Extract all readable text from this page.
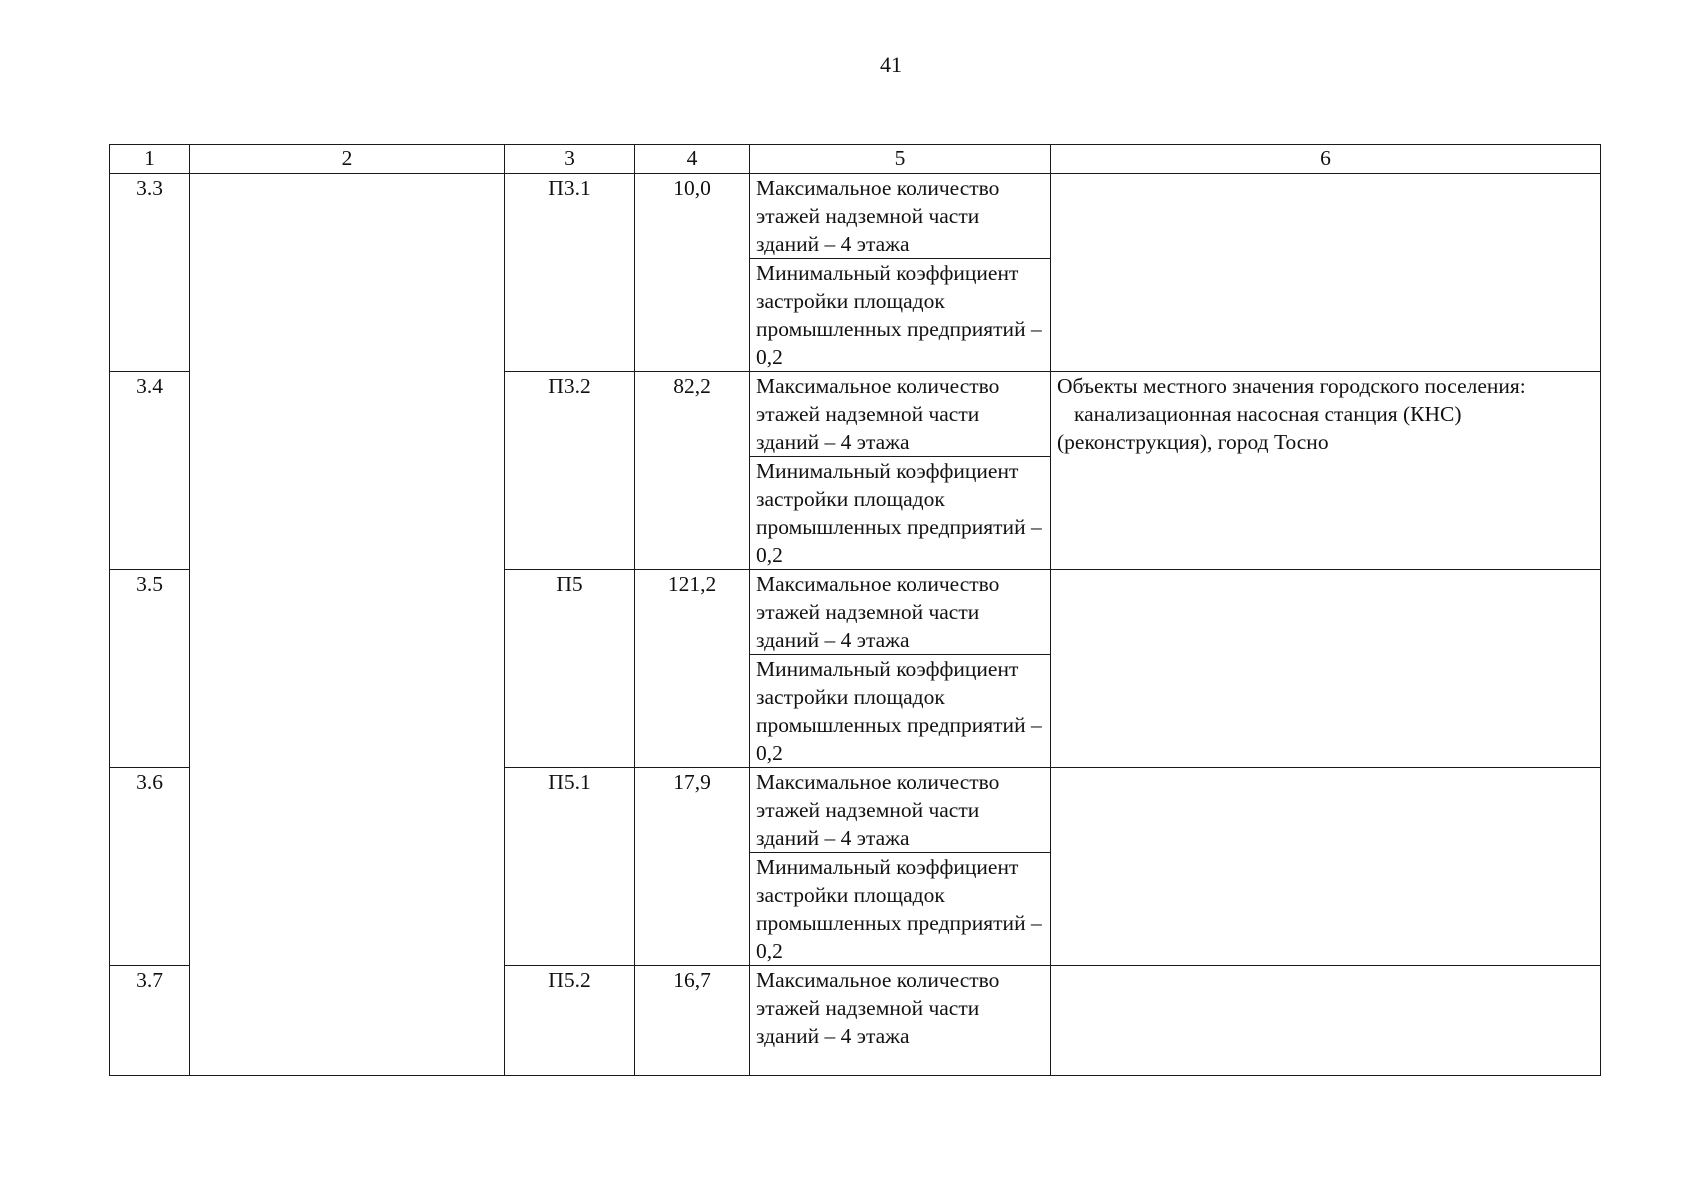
41
1	2	3	4	5	6
3.3		П3.1	10,0	Максимальное количество этажей надземной части зданий – 4 этажа	
				Минимальный коэффициент застройки площадок промышленных предприятий – 0,2	
3.4		П3.2	82,2	Максимальное количество этажей надземной части зданий – 4 этажа	Объекты местного значения городского поселения:
канализационная насосная станция (КНС)
(реконструкция), город Тосно

				Минимальный коэффициент застройки площадок промышленных предприятий – 0,2	
3.5		П5	121,2	Максимальное количество этажей надземной части зданий – 4 этажа	
				Минимальный коэффициент застройки площадок промышленных предприятий – 0,2	
3.6		П5.1	17,9	Максимальное количество этажей надземной части зданий – 4 этажа	
				Минимальный коэффициент застройки площадок промышленных предприятий – 0,2	
3.7		П5.2	16,7	Максимальное количество этажей надземной части зданий – 4 этажа	
